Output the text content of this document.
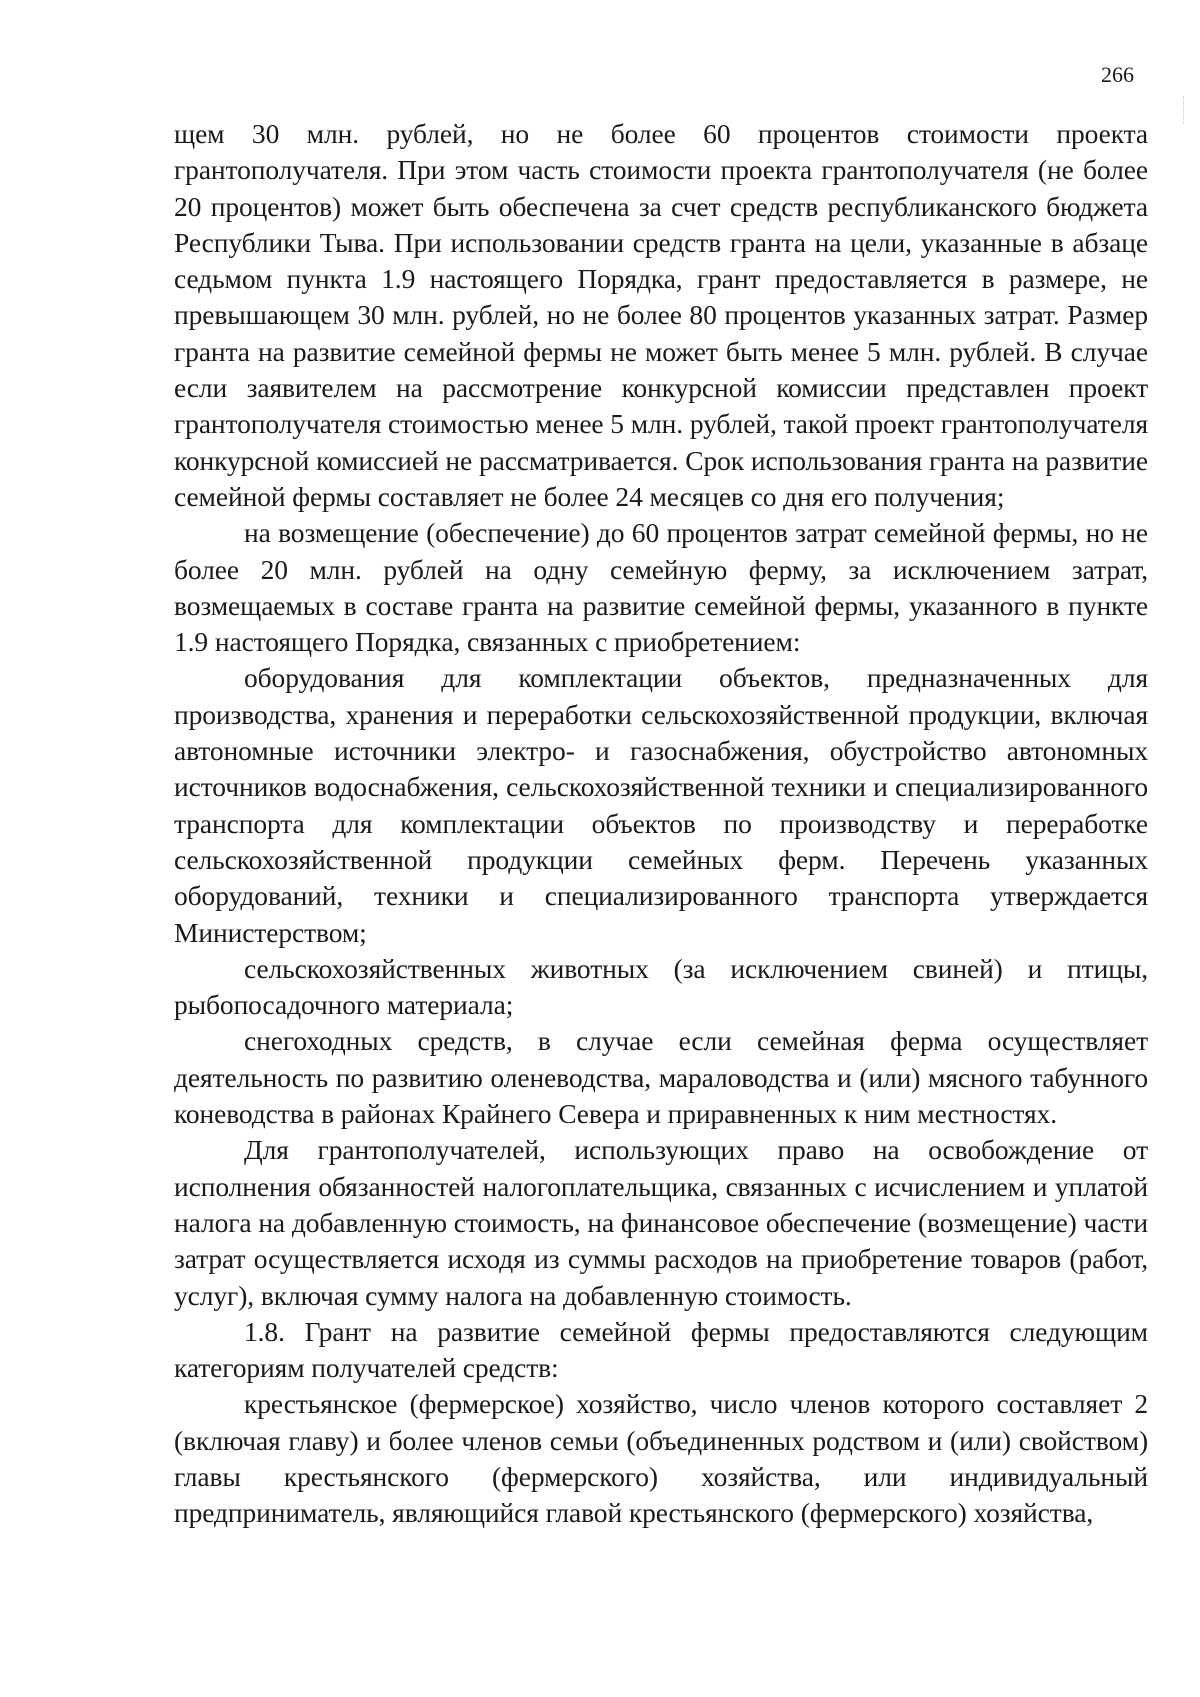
266

щем 30 млн. рублей, но не более 60 процентов стоимости проекта грантополучателя. При этом часть стоимости проекта грантополучателя (не более 20 процентов) может быть обеспечена за счет средств республиканского бюджета Республики Тыва. При использовании средств гранта на цели, указанные в абзаце седьмом пункта 1.9 настоящего Порядка, грант предоставляется в размере, не превышающем 30 млн. рублей, но не более 80 процентов указанных затрат. Размер гранта на развитие семейной фермы не может быть менее 5 млн. рублей. В случае если заявителем на рассмотрение конкурсной комиссии представлен проект грантополучателя стоимостью менее 5 млн. рублей, такой проект грантополучателя конкурсной комиссией не рассматривается. Срок использования гранта на развитие семейной фермы составляет не более 24 месяцев со дня его получения;

на возмещение (обеспечение) до 60 процентов затрат семейной фермы, но не более 20 млн. рублей на одну семейную ферму, за исключением затрат, возмещаемых в составе гранта на развитие семейной фермы, указанного в пункте 1.9 настоящего Порядка, связанных с приобретением:

оборудования для комплектации объектов, предназначенных для производства, хранения и переработки сельскохозяйственной продукции, включая автономные источники электро- и газоснабжения, обустройство автономных источников водоснабжения, сельскохозяйственной техники и специализированного транспорта для комплектации объектов по производству и переработке сельскохозяйственной продукции семейных ферм. Перечень указанных оборудований, техники и специализированного транспорта утверждается Министерством;

сельскохозяйственных животных (за исключением свиней) и птицы, рыбопосадочного материала;

снегоходных средств, в случае если семейная ферма осуществляет деятельность по развитию оленеводства, мараловодства и (или) мясного табунного коневодства в районах Крайнего Севера и приравненных к ним местностях.

Для грантополучателей, использующих право на освобождение от исполнения обязанностей налогоплательщика, связанных с исчислением и уплатой налога на добавленную стоимость, на финансовое обеспечение (возмещение) части затрат осуществляется исходя из суммы расходов на приобретение товаров (работ, услуг), включая сумму налога на добавленную стоимость.

1.8. Грант на развитие семейной фермы предоставляются следующим категориям получателей средств:

крестьянское (фермерское) хозяйство, число членов которого составляет 2 (включая главу) и более членов семьи (объединенных родством и (или) свойством) главы крестьянского (фермерского) хозяйства, или индивидуальный предприниматель, являющийся главой крестьянского (фермерского) хозяйства,
